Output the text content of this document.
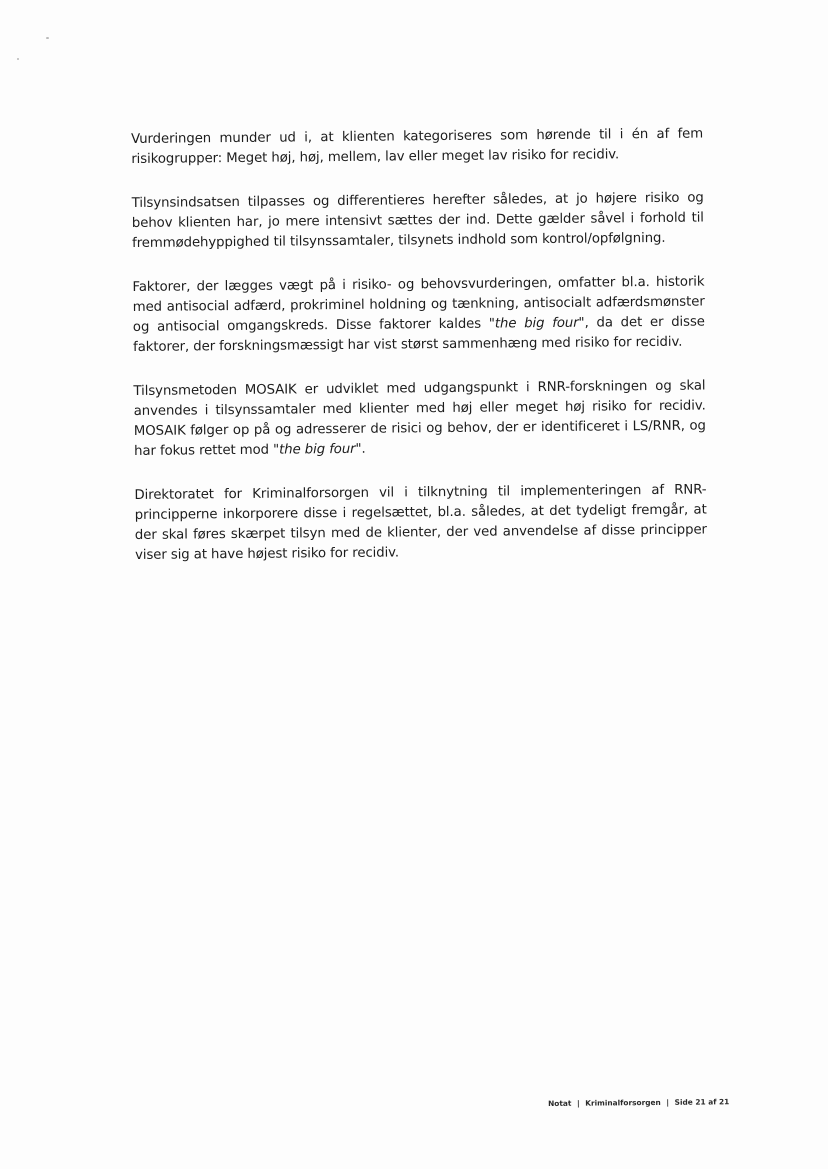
Vurderingen munder ud i, at klienten kategoriseres som hørende til i én af fem risikogrupper: Meget høj, høj, mellem, lav eller meget lav risiko for recidiv.

Tilsynsindsatsen tilpasses og differentieres herefter således, at jo højere risiko og behov klienten har, jo mere intensivt sættes der ind. Dette gælder såvel i forhold til fremmødehyppighed til tilsynssamtaler, tilsynets indhold som kontrol/opfølgning.

Faktorer, der lægges vægt på i risiko- og behovsvurderingen, omfatter bl.a. historik med antisocial adfærd, prokriminel holdning og tænkning, antisocialt adfærdsmønster og antisocial omgangskreds. Disse faktorer kaldes "the big four", da det er disse faktorer, der forskningsmæssigt har vist størst sammenhæng med risiko for recidiv.

Tilsynsmetoden MOSAIK er udviklet med udgangspunkt i RNR-forskningen og skal anvendes i tilsynssamtaler med klienter med høj eller meget høj risiko for recidiv. MOSAIK følger op på og adresserer de risici og behov, der er identificeret i LS/RNR, og har fokus rettet mod "the big four".

Direktoratet for Kriminalforsorgen vil i tilknytning til implementeringen af RNR-principperne inkorporere disse i regelsættet, bl.a. således, at det tydeligt fremgår, at der skal føres skærpet tilsyn med de klienter, der ved anvendelse af disse principper viser sig at have højest risiko for recidiv.

Notat | Kriminalforsorgen | Side 21 af 21
